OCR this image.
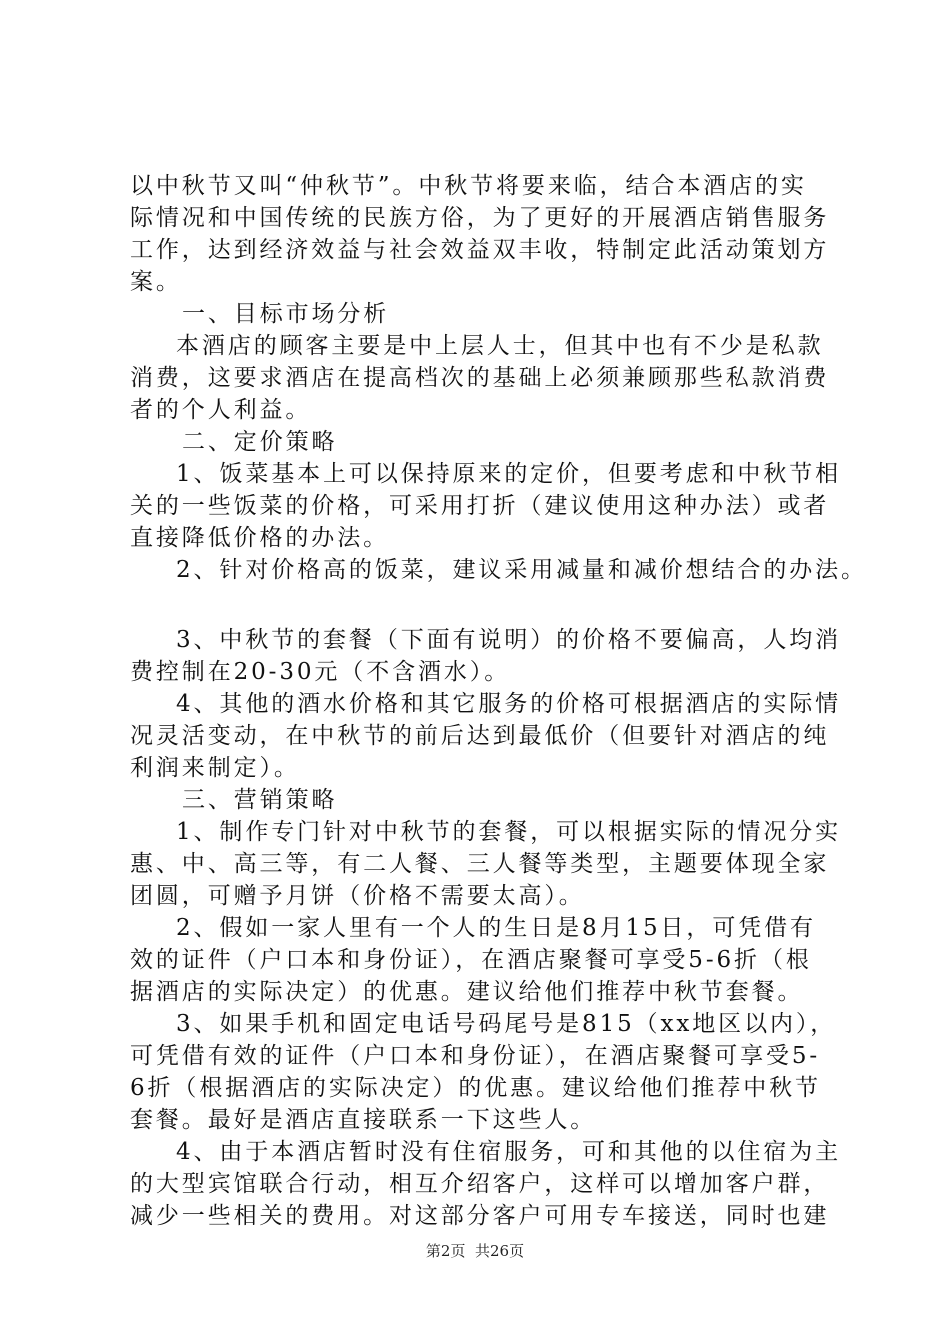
以中秋节又叫“仲秋节”。中秋节将要来临，结合本酒店的实
际情况和中国传统的民族方俗，为了更好的开展酒店销售服务
工作，达到经济效益与社会效益双丰收，特制定此活动策划方
案。
一、目标市场分析
本酒店的顾客主要是中上层人士，但其中也有不少是私款
消费，这要求酒店在提高档次的基础上必须兼顾那些私款消费
者的个人利益。
二、定价策略
1、饭菜基本上可以保持原来的定价，但要考虑和中秋节相
关的一些饭菜的价格，可采用打折（建议使用这种办法）或者
直接降低价格的办法。
2、针对价格高的饭菜，建议采用减量和减价想结合的办法。
3、中秋节的套餐（下面有说明）的价格不要偏高，人均消
费控制在20-30元（不含酒水）。
4、其他的酒水价格和其它服务的价格可根据酒店的实际情
况灵活变动，在中秋节的前后达到最低价（但要针对酒店的纯
利润来制定）。
三、营销策略
1、制作专门针对中秋节的套餐，可以根据实际的情况分实
惠、中、高三等，有二人餐、三人餐等类型，主题要体现全家
团圆，可赠予月饼（价格不需要太高）。
2、假如一家人里有一个人的生日是8月15日，可凭借有
效的证件（户口本和身份证），在酒店聚餐可享受5-6折（根
据酒店的实际决定）的优惠。建议给他们推荐中秋节套餐。
3、如果手机和固定电话号码尾号是815（xx地区以内），
可凭借有效的证件（户口本和身份证），在酒店聚餐可享受5-
6折（根据酒店的实际决定）的优惠。建议给他们推荐中秋节
套餐。最好是酒店直接联系一下这些人。
4、由于本酒店暂时没有住宿服务，可和其他的以住宿为主
的大型宾馆联合行动，相互介绍客户，这样可以增加客户群，
减少一些相关的费用。对这部分客户可用专车接送，同时也建
第2页  共26页
